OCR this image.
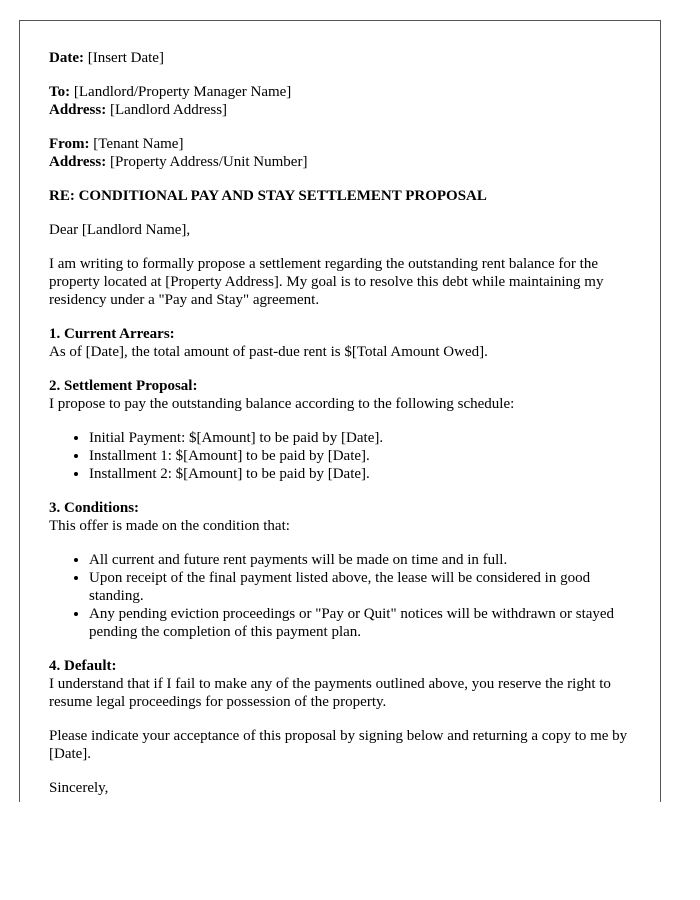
Date: [Insert Date]

To: [Landlord/Property Manager Name]

Address: [Landlord Address]

From: [Tenant Name]

Address: [Property Address/Unit Number]

RE: CONDITIONAL PAY AND STAY SETTLEMENT PROPOSAL

Dear [Landlord Name],

I am writing to formally propose a settlement regarding the outstanding rent balance for the property located at [Property Address]. My goal is to resolve this debt while maintaining my residency under a "Pay and Stay" agreement.

1. Current Arrears:

As of [Date], the total amount of past-due rent is $[Total Amount Owed].

2. Settlement Proposal:

I propose to pay the outstanding balance according to the following schedule:

• Initial Payment: $[Amount] to be paid by [Date].
• Installment 1: $[Amount] to be paid by [Date].
• Installment 2: $[Amount] to be paid by [Date].

3. Conditions:

This offer is made on the condition that:

• All current and future rent payments will be made on time and in full.
• Upon receipt of the final payment listed above, the lease will be considered in good standing.
• Any pending eviction proceedings or "Pay or Quit" notices will be withdrawn or stayed pending the completion of this payment plan.

4. Default:

I understand that if I fail to make any of the payments outlined above, you reserve the right to resume legal proceedings for possession of the property.

Please indicate your acceptance of this proposal by signing below and returning a copy to me by [Date].

Sincerely,
